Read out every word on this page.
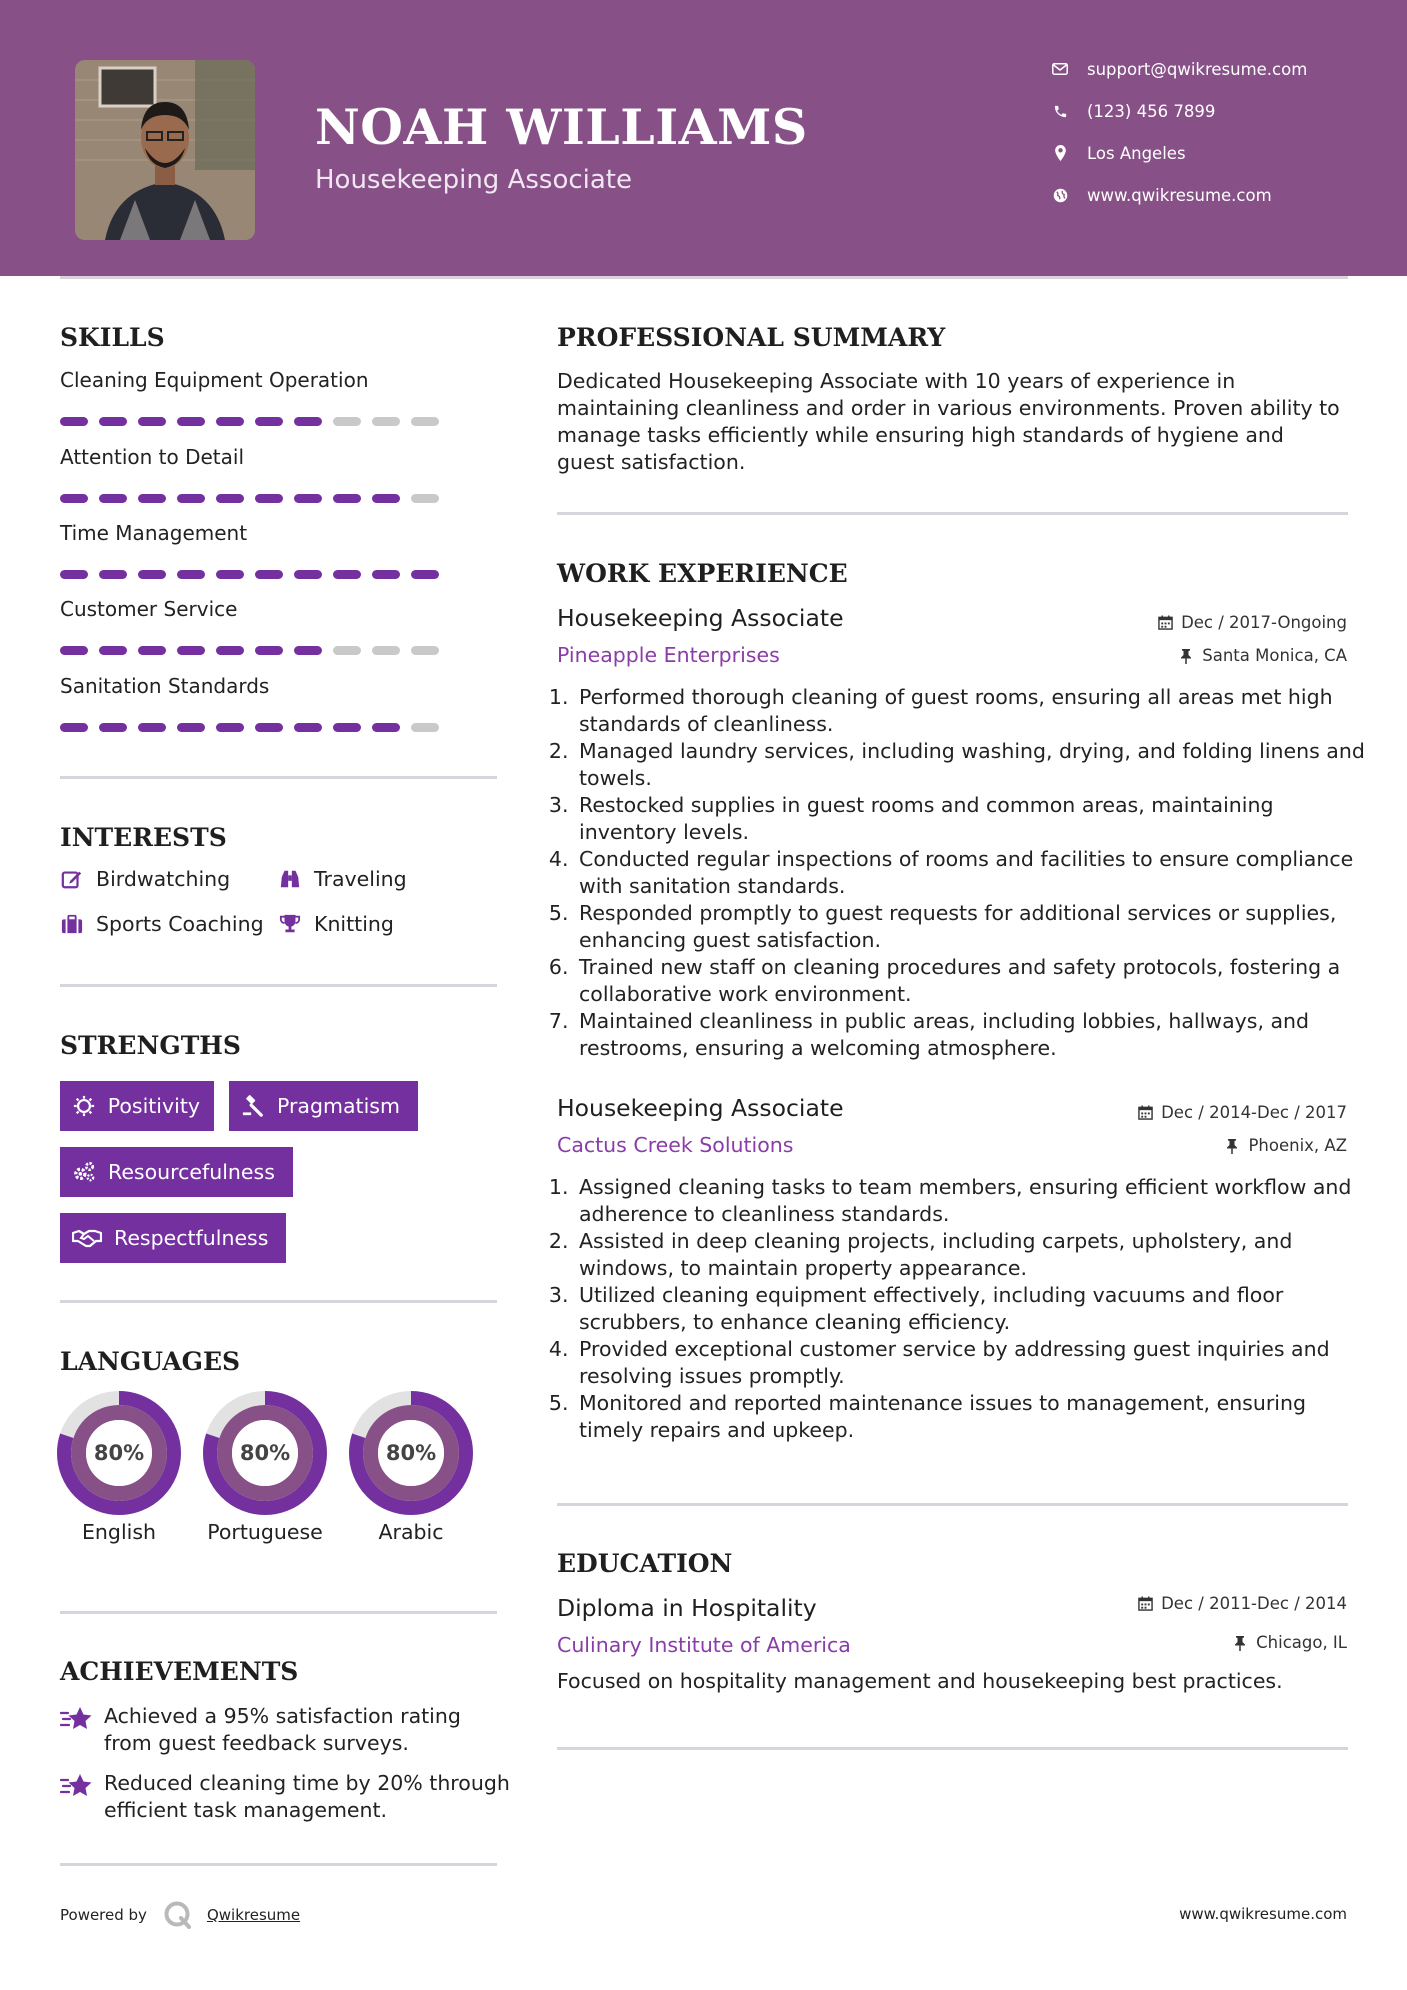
NOAH WILLIAMS
Housekeeping Associate
support@qwikresume.com
(123) 456 7899
Los Angeles
www.qwikresume.com
SKILLS
Cleaning Equipment Operation
Attention to Detail
Time Management
Customer Service
Sanitation Standards
INTERESTS
Birdwatching	Traveling
Sports Coaching Knitting
STRENGTHS
Positivity	Pragmatism
Resourcefulness
Respectfulness
LANGUAGES
80%
English
80%
Portuguese
80%
Arabic
ACHIEVEMENTS
Achieved a 95% satisfaction rating from guest feedback surveys.
Reduced cleaning time by 20% through efficient task management.
PROFESSIONAL SUMMARY
Dedicated Housekeeping Associate with 10 years of experience in maintaining cleanliness and order in various environments. Proven ability to manage tasks efficiently while ensuring high standards of hygiene and guest satisfaction.
WORK EXPERIENCE
Housekeeping Associate	Dec / 2017-Ongoing
Pineapple Enterprises	Santa Monica, CA
1. Performed thorough cleaning of guest rooms, ensuring all areas met high standards of cleanliness.
2. Managed laundry services, including washing, drying, and folding linens and towels.
3. Restocked supplies in guest rooms and common areas, maintaining inventory levels.
4. Conducted regular inspections of rooms and facilities to ensure compliance with sanitation standards.
5. Responded promptly to guest requests for additional services or supplies, enhancing guest satisfaction.
6. Trained new staff on cleaning procedures and safety protocols, fostering a collaborative work environment.
7. Maintained cleanliness in public areas, including lobbies, hallways, and restrooms, ensuring a welcoming atmosphere.
Housekeeping Associate	Dec / 2014-Dec / 2017
Cactus Creek Solutions	Phoenix, AZ
1. Assigned cleaning tasks to team members, ensuring efficient workflow and adherence to cleanliness standards.
2. Assisted in deep cleaning projects, including carpets, upholstery, and windows, to maintain property appearance.
3. Utilized cleaning equipment effectively, including vacuums and floor scrubbers, to enhance cleaning efficiency.
4. Provided exceptional customer service by addressing guest inquiries and resolving issues promptly.
5. Monitored and reported maintenance issues to management, ensuring timely repairs and upkeep.
EDUCATION
Diploma in Hospitality	Dec / 2011-Dec / 2014
Culinary Institute of America	Chicago, IL
Focused on hospitality management and housekeeping best practices.
Powered by	Qwikresume	www.qwikresume.com
